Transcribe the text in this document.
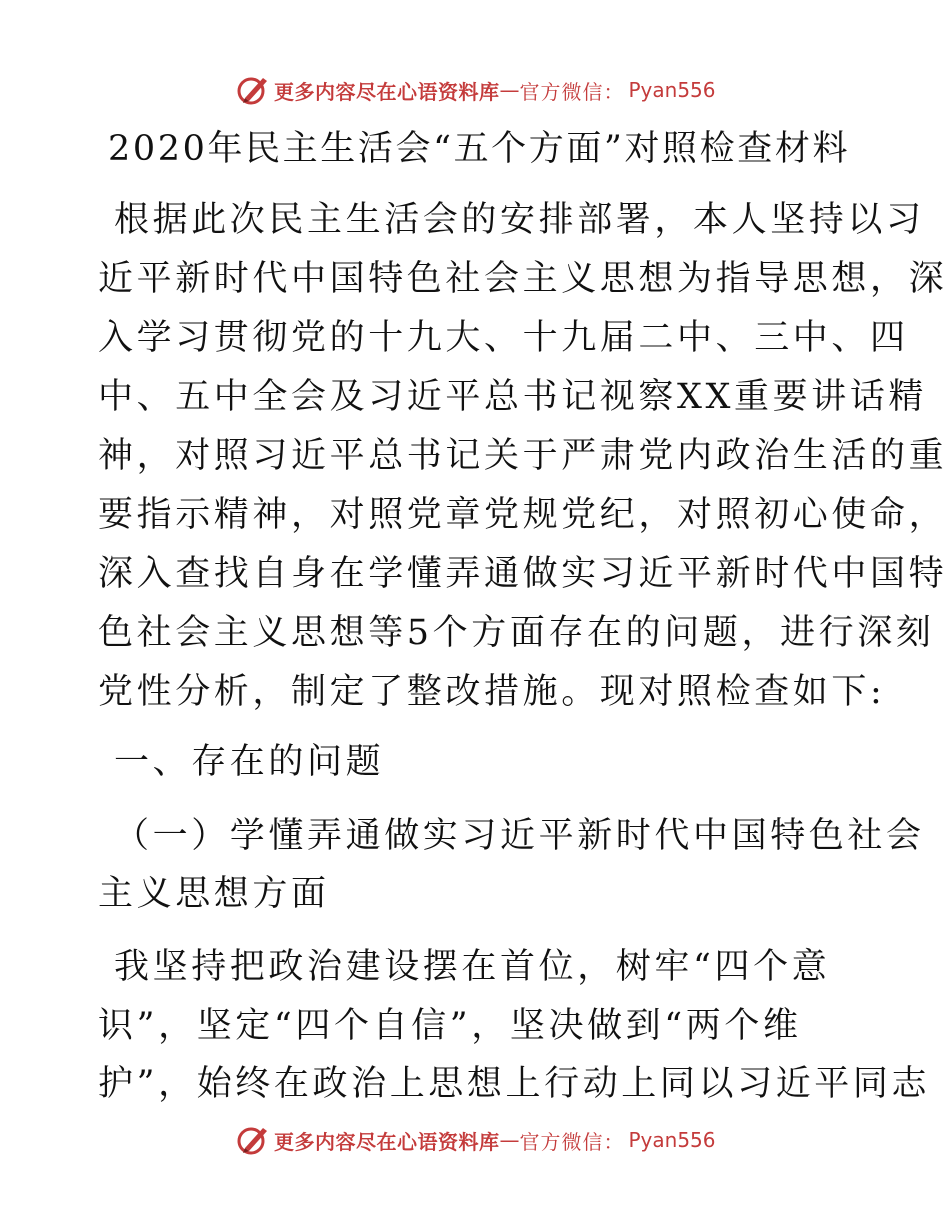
更多内容尽在心语资料库 — 官方微信： Pyan556
2020年民主生活会“五个方面”对照检查材料
根据此次民主生活会的安排部署，本人坚持以习
近平新时代中国特色社会主义思想为指导思想，深
入学习贯彻党的十九大、十九届二中、三中、四
中、五中全会及习近平总书记视察XX重要讲话精
神，对照习近平总书记关于严肃党内政治生活的重
要指示精神，对照党章党规党纪，对照初心使命，
深入查找自身在学懂弄通做实习近平新时代中国特
色社会主义思想等5个方面存在的问题，进行深刻
党性分析，制定了整改措施。现对照检查如下:
一、存在的问题
（一）学懂弄通做实习近平新时代中国特色社会
主义思想方面
我坚持把政治建设摆在首位，树牢“四个意
识”，坚定“四个自信”，坚决做到“两个维
护”，始终在政治上思想上行动上同以习近平同志
更多内容尽在心语资料库 — 官方微信： Pyan556
